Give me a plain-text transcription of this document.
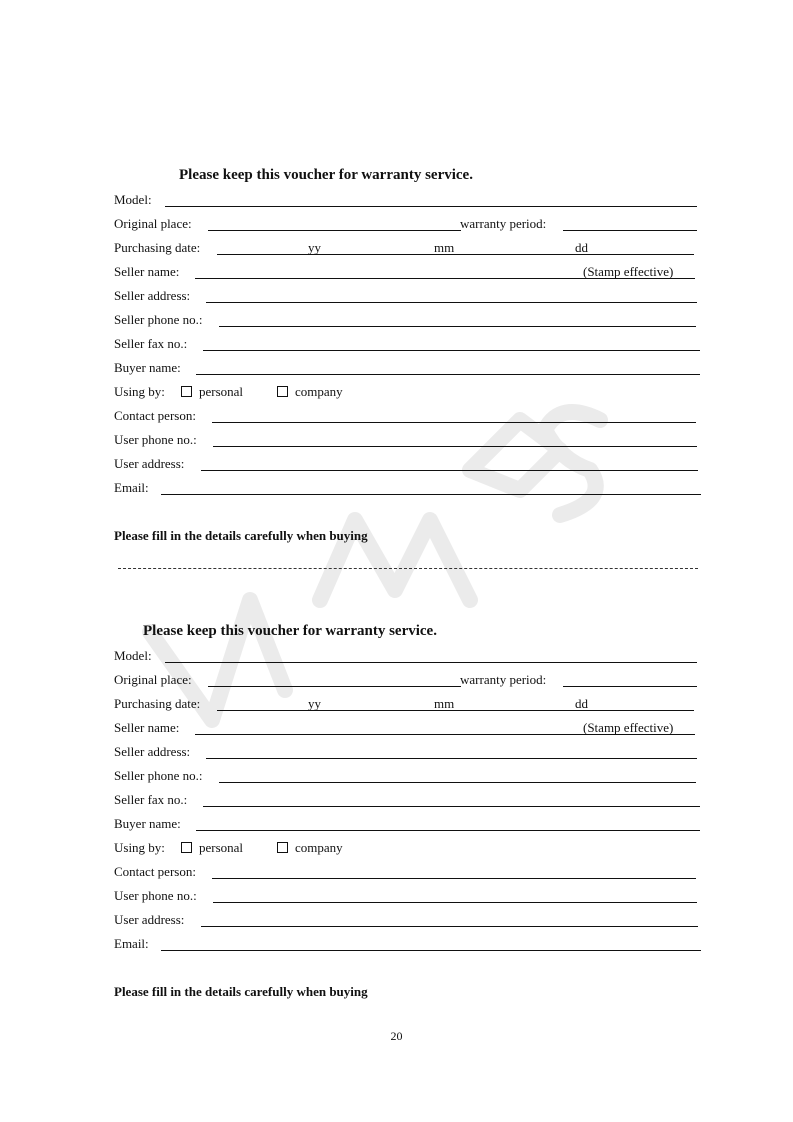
Please keep this voucher for warranty service.
Model:
Original place:	warranty period:
Purchasing date:	yy	mm	dd
Seller name:	(Stamp effective)
Seller address:
Seller phone no.:
Seller fax no.:
Buyer name:
Using by:	personal	company
Contact person:
User phone no.:
User address:
Email:
Please fill in the details carefully when buying
Please keep this voucher for warranty service.
Model:
Original place:	warranty period:
Purchasing date:	yy	mm	dd
Seller name:	(Stamp effective)
Seller address:
Seller phone no.:
Seller fax no.:
Buyer name:
Using by:	personal	company
Contact person:
User phone no.:
User address:
Email:
Please fill in the details carefully when buying
20
